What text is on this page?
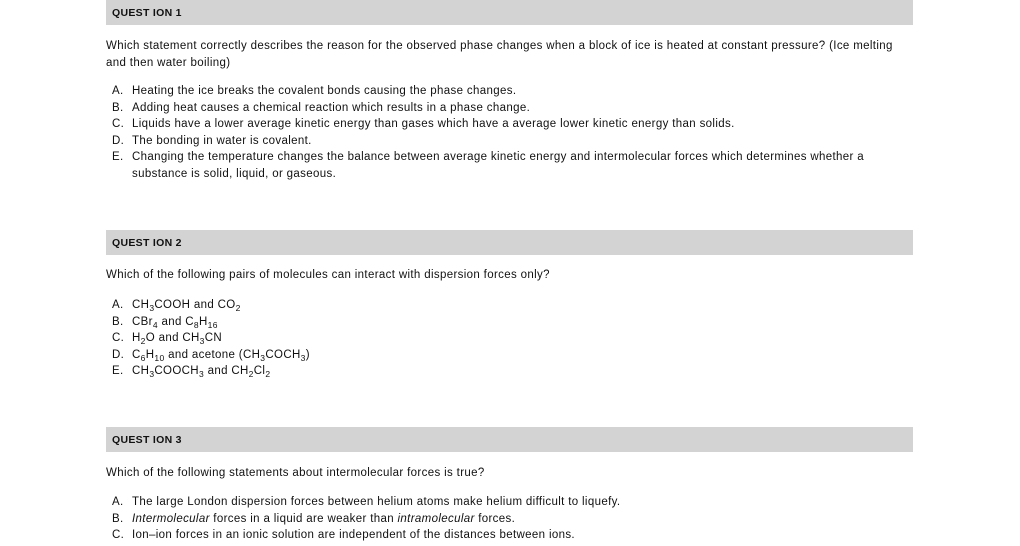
QUEST ION 1
Which statement correctly describes the reason for the observed phase changes when a block of ice is heated at constant pressure? (Ice melting and then water boiling)
A. Heating the ice breaks the covalent bonds causing the phase changes.
B. Adding heat causes a chemical reaction which results in a phase change.
C. Liquids have a lower average kinetic energy than gases which have a average lower kinetic energy than solids.
D. The bonding in water is covalent.
E. Changing the temperature changes the balance between average kinetic energy and intermolecular forces which determines whether a substance is solid, liquid, or gaseous.
QUEST ION 2
Which of the following pairs of molecules can interact with dispersion forces only?
A. $CH_3COOH$ and $CO_2$
B. CBr$_4$ and $C_8H_{16}$
C. $H_2O$ and $CH_3CN$
D. $C_6H_{10}$ and acetone $(CH_3COCH_3)$
E. $CH_3COOCH_3$ and $CH_2Cl_2$
QUEST ION 3
Which of the following statements about intermolecular forces is true?
A. The large London dispersion forces between helium atoms make helium difficult to liquefy.
B. Intermolecular forces in a liquid are weaker than intramolecular forces.
C. Ion–ion forces in an ionic solution are independent of the distances between ions.
